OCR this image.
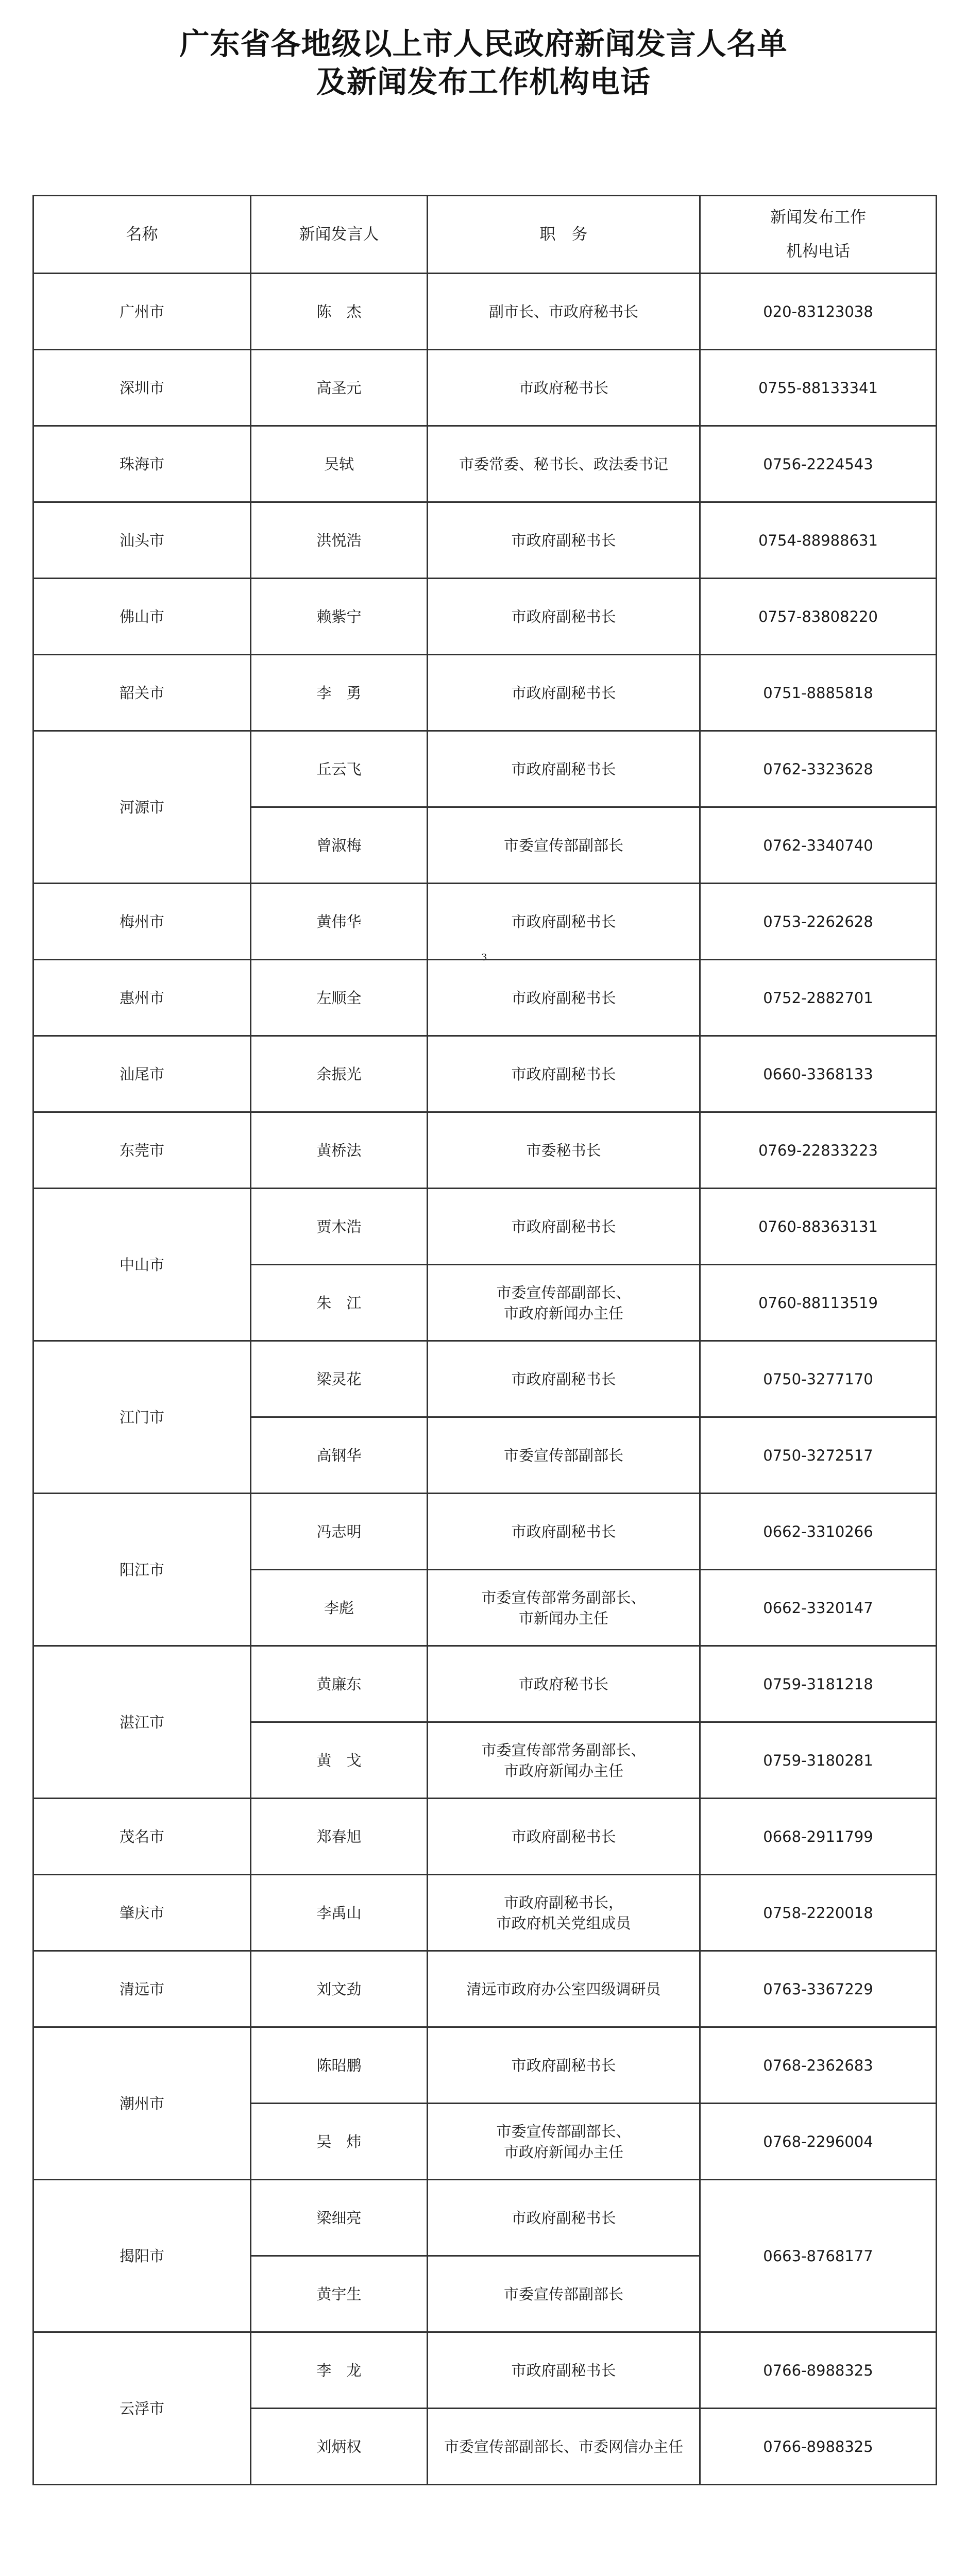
广东省各地级以上市人民政府新闻发言人名单
及新闻发布工作机构电话
3
名称	新闻发言人	职　务	新闻发布工作
机构电话

广州市	陈　杰	副市长、市政府秘书长	020-83123038
深圳市	高圣元	市政府秘书长	0755-88133341
珠海市	吴轼	市委常委、秘书长、政法委书记	0756-2224543
汕头市	洪悦浩	市政府副秘书长	0754-88988631
佛山市	赖紫宁	市政府副秘书长	0757-83808220
韶关市	李　勇	市政府副秘书长	0751-8885818
河源市	丘云飞	市政府副秘书长	0762-3323628
	曾淑梅	市委宣传部副部长	0762-3340740
梅州市	黄伟华	市政府副秘书长	0753-2262628
惠州市	左顺全	市政府副秘书长	0752-2882701
汕尾市	余振光	市政府副秘书长	0660-3368133
东莞市	黄桥法	市委秘书长	0769-22833223
中山市	贾木浩	市政府副秘书长	0760-88363131
	朱　江	市委宣传部副部长、
市政府新闻办主任	0760-88113519
江门市	梁灵花	市政府副秘书长	0750-3277170
	高钢华	市委宣传部副部长	0750-3272517
阳江市	冯志明	市政府副秘书长	0662-3310266
	李彪	市委宣传部常务副部长、
市新闻办主任	0662-3320147
湛江市	黄廉东	市政府秘书长	0759-3181218
	黄　戈	市委宣传部常务副部长、
市政府新闻办主任	0759-3180281
茂名市	郑春旭	市政府副秘书长	0668-2911799
肇庆市	李禹山	市政府副秘书长，
市政府机关党组成员	0758-2220018
清远市	刘文劲	清远市政府办公室四级调研员	0763-3367229
潮州市	陈昭鹏	市政府副秘书长	0768-2362683
	吴　炜	市委宣传部副部长、
市政府新闻办主任	0768-2296004
揭阳市	梁细亮	市政府副秘书长	0663-8768177
	黄宇生	市委宣传部副部长	

云浮市	李　龙	市政府副秘书长	0766-8988325
	刘炳权	市委宣传部副部长、市委网信办主任	0766-8988325
